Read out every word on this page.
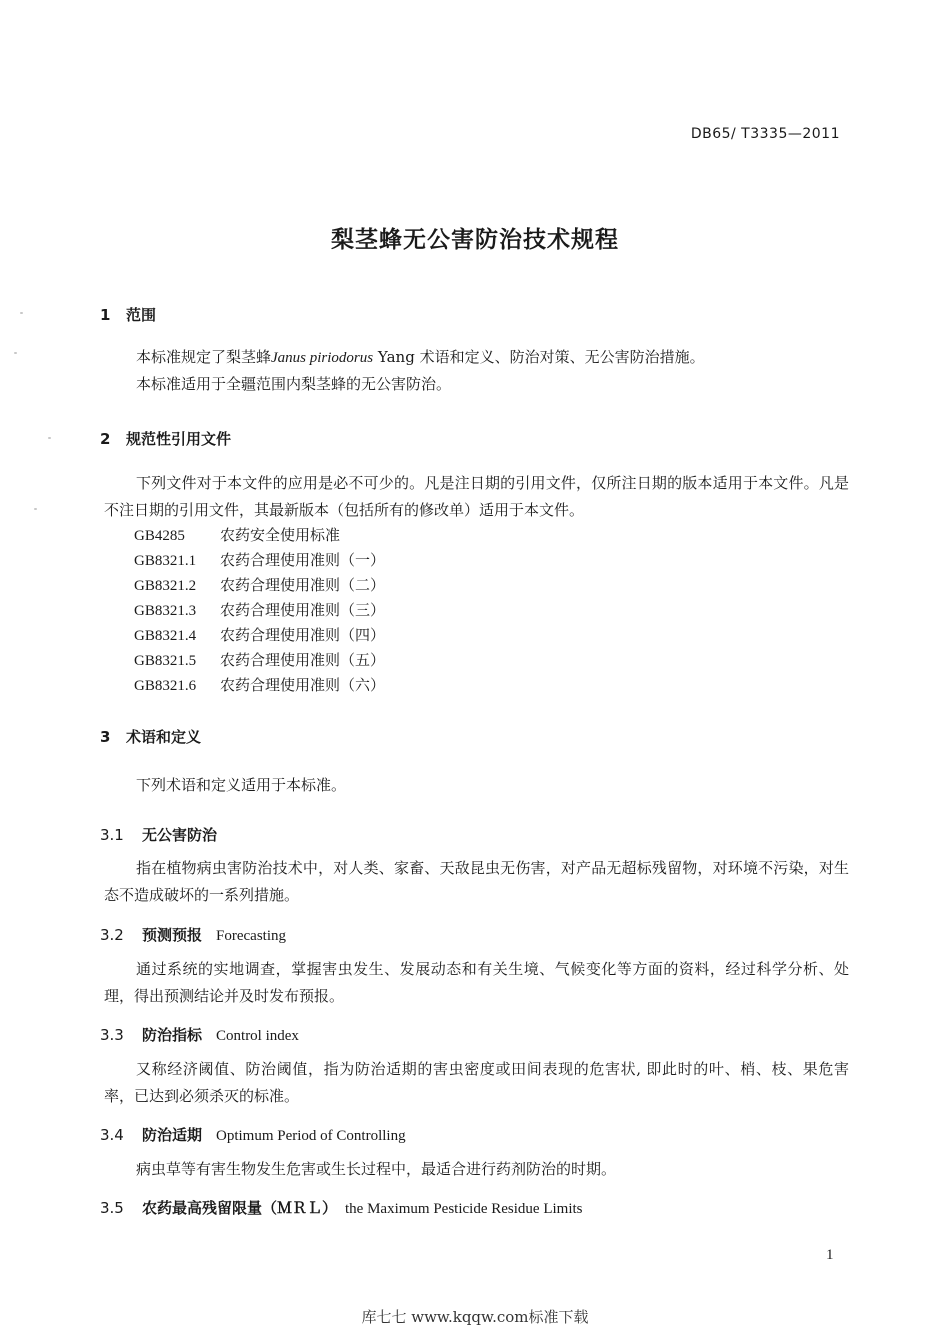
DB65/ T3335—2011
梨茎蜂无公害防治技术规程
1 范围
本标准规定了梨茎蜂Janus piriodorus Yang 术语和定义、防治对策、无公害防治措施。
本标准适用于全疆范围内梨茎蜂的无公害防治。
2 规范性引用文件
下列文件对于本文件的应用是必不可少的。凡是注日期的引用文件，仅所注日期的版本适用于本文件。凡是不注日期的引用文件，其最新版本（包括所有的修改单）适用于本文件。
GB4285 农药安全使用标准
GB8321.1 农药合理使用准则（一）
GB8321.2 农药合理使用准则（二）
GB8321.3 农药合理使用准则（三）
GB8321.4 农药合理使用准则（四）
GB8321.5 农药合理使用准则（五）
GB8321.6 农药合理使用准则（六）
3 术语和定义
下列术语和定义适用于本标准。
3.1 无公害防治
指在植物病虫害防治技术中，对人类、家畜、天敌昆虫无伤害，对产品无超标残留物，对环境不污染，对生态不造成破坏的一系列措施。
3.2 预测预报 Forecasting
通过系统的实地调查，掌握害虫发生、发展动态和有关生境、气候变化等方面的资料，经过科学分析、处理，得出预测结论并及时发布预报。
3.3 防治指标 Control index
又称经济阈值、防治阈值，指为防治适期的害虫密度或田间表现的危害状, 即此时的叶、梢、枝、果危害率，已达到必须杀灭的标准。
3.4 防治适期 Optimum Period of Controlling
病虫草等有害生物发生危害或生长过程中，最适合进行药剂防治的时期。
3.5 农药最高残留限量（ＭＲＬ） the Maximum Pesticide Residue Limits
1
库七七 www.kqqw.com标准下载
